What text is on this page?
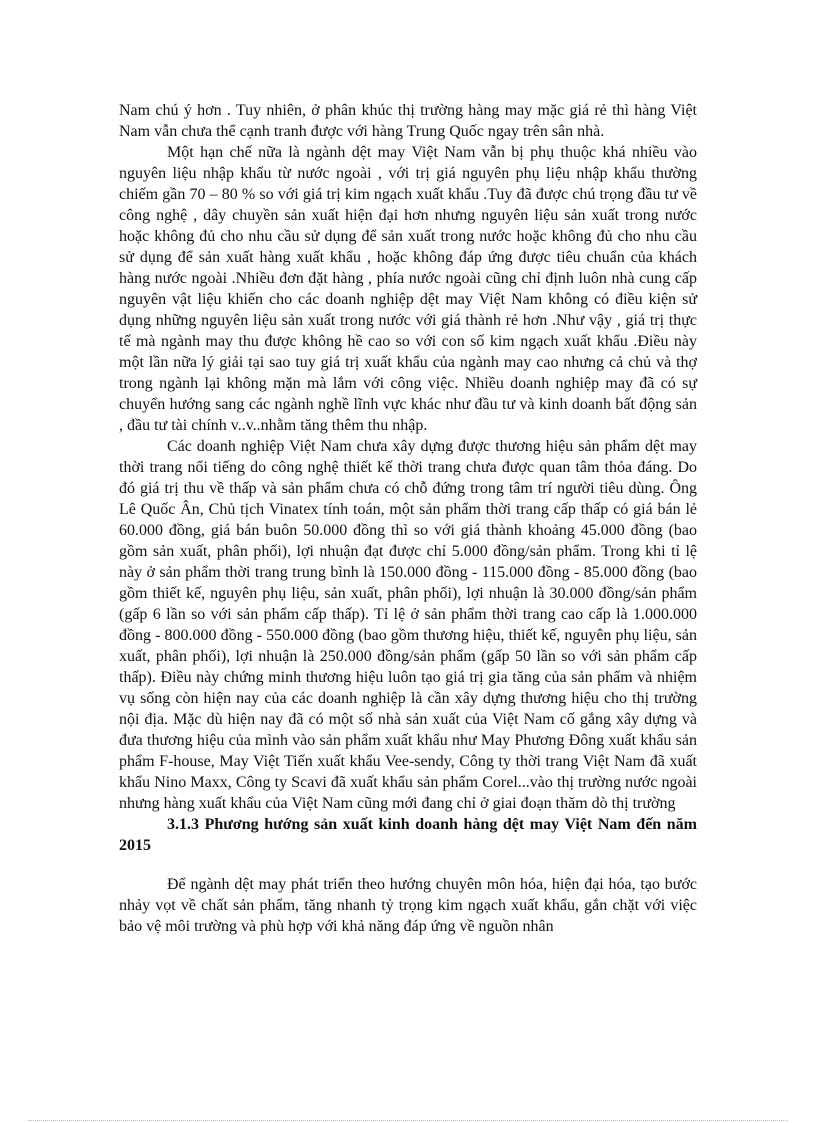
Nam chú ý hơn . Tuy nhiên, ở phân khúc thị trường hàng may mặc giá rẻ thì hàng Việt Nam vẫn chưa thể cạnh tranh được với hàng Trung Quốc ngay trên sân nhà.

Một hạn chế nữa là ngành dệt may Việt Nam vẫn bị phụ thuộc khá nhiều vào nguyên liệu nhập khẩu từ nước ngoài , với trị giá nguyên phụ liệu nhập khẩu thường chiếm gần 70 – 80 % so với giá trị kim ngạch xuất khẩu .Tuy đã được chú trọng đầu tư về công nghệ , dây chuyền sản xuất hiện đại hơn nhưng nguyên liệu sản xuất trong nước hoặc không đủ cho nhu cầu sử dụng để sản xuất trong nước hoặc không đủ cho nhu cầu sử dụng để sản xuất hàng xuất khẩu , hoặc không đáp ứng được tiêu chuẩn của khách hàng nước ngoài .Nhiều đơn đặt hàng , phía nước ngoài cũng chỉ định luôn nhà cung cấp nguyên vật liệu khiến cho các doanh nghiệp dệt may Việt Nam không có điều kiện sử dụng những nguyên liệu sản xuất trong nước với giá thành rẻ hơn .Như vậy , giá trị thực tế mà ngành may thu được không hề cao so với con số kim ngạch xuất khẩu .Điều này một lần nữa lý giải tại sao tuy giá trị xuất khẩu của ngành may cao nhưng cả chủ và thợ trong ngành lại không mặn mà lắm với công việc. Nhiều doanh nghiệp may đã có sự chuyển hướng sang các ngành nghề lĩnh vực khác như đầu tư và kinh doanh bất động sản , đầu tư tài chính v..v..nhằm tăng thêm thu nhập.

Các doanh nghiệp Việt Nam chưa xây dựng được thương hiệu sản phẩm dệt may thời trang nổi tiếng do công nghệ thiết kế thời trang chưa được quan tâm thỏa đáng. Do đó giá trị thu về thấp và sản phẩm chưa có chỗ đứng trong tâm trí người tiêu dùng. Ông Lê Quốc Ân, Chủ tịch Vinatex tính toán, một sản phẩm thời trang cấp thấp có giá bán lẻ 60.000 đồng, giá bán buôn 50.000 đồng thì so với giá thành khoảng 45.000 đồng (bao gồm sản xuất, phân phối), lợi nhuận đạt được chỉ 5.000 đồng/sản phẩm. Trong khi tỉ lệ này ở sản phẩm thời trang trung bình là 150.000 đồng - 115.000 đồng - 85.000 đồng (bao gồm thiết kế, nguyên phụ liệu, sản xuất, phân phối), lợi nhuận là 30.000 đồng/sản phẩm (gấp 6 lần so với sản phẩm cấp thấp). Tỉ lệ ở sản phẩm thời trang cao cấp là 1.000.000 đồng - 800.000 đồng - 550.000 đồng (bao gồm thương hiệu, thiết kế, nguyên phụ liệu, sản xuất, phân phối), lợi nhuận là 250.000 đồng/sản phẩm (gấp 50 lần so với sản phẩm cấp thấp). Điều này chứng minh thương hiệu luôn tạo giá trị gia tăng của sản phẩm và nhiệm vụ sống còn hiện nay của các doanh nghiệp là cần xây dựng thương hiệu cho thị trường nội địa. Mặc dù hiện nay đã có một số nhà sản xuất của Việt Nam cố gắng xây dựng và đưa thương hiệu của mình vào sản phẩm xuất khẩu như May Phương Đông xuất khẩu sản phẩm F-house, May Việt Tiến xuất khẩu Vee-sendy, Công ty thời trang Việt Nam đã xuất khẩu Nino Maxx, Công ty Scavi đã xuất khẩu sản phẩm Corel...vào thị trường nước ngoài nhưng hàng xuất khẩu của Việt Nam cũng mới đang chỉ ở giai đoạn thăm dò thị trường

3.1.3 Phương hướng sản xuất kinh doanh hàng dệt may Việt Nam đến năm 2015

Để ngành dệt may phát triển theo hướng chuyên môn hóa, hiện đại hóa, tạo bước nhảy vọt về chất sản phẩm, tăng nhanh tỷ trọng kim ngạch xuất khẩu, gắn chặt với việc bảo vệ môi trường và phù hợp với khả năng đáp ứng về nguồn nhân
